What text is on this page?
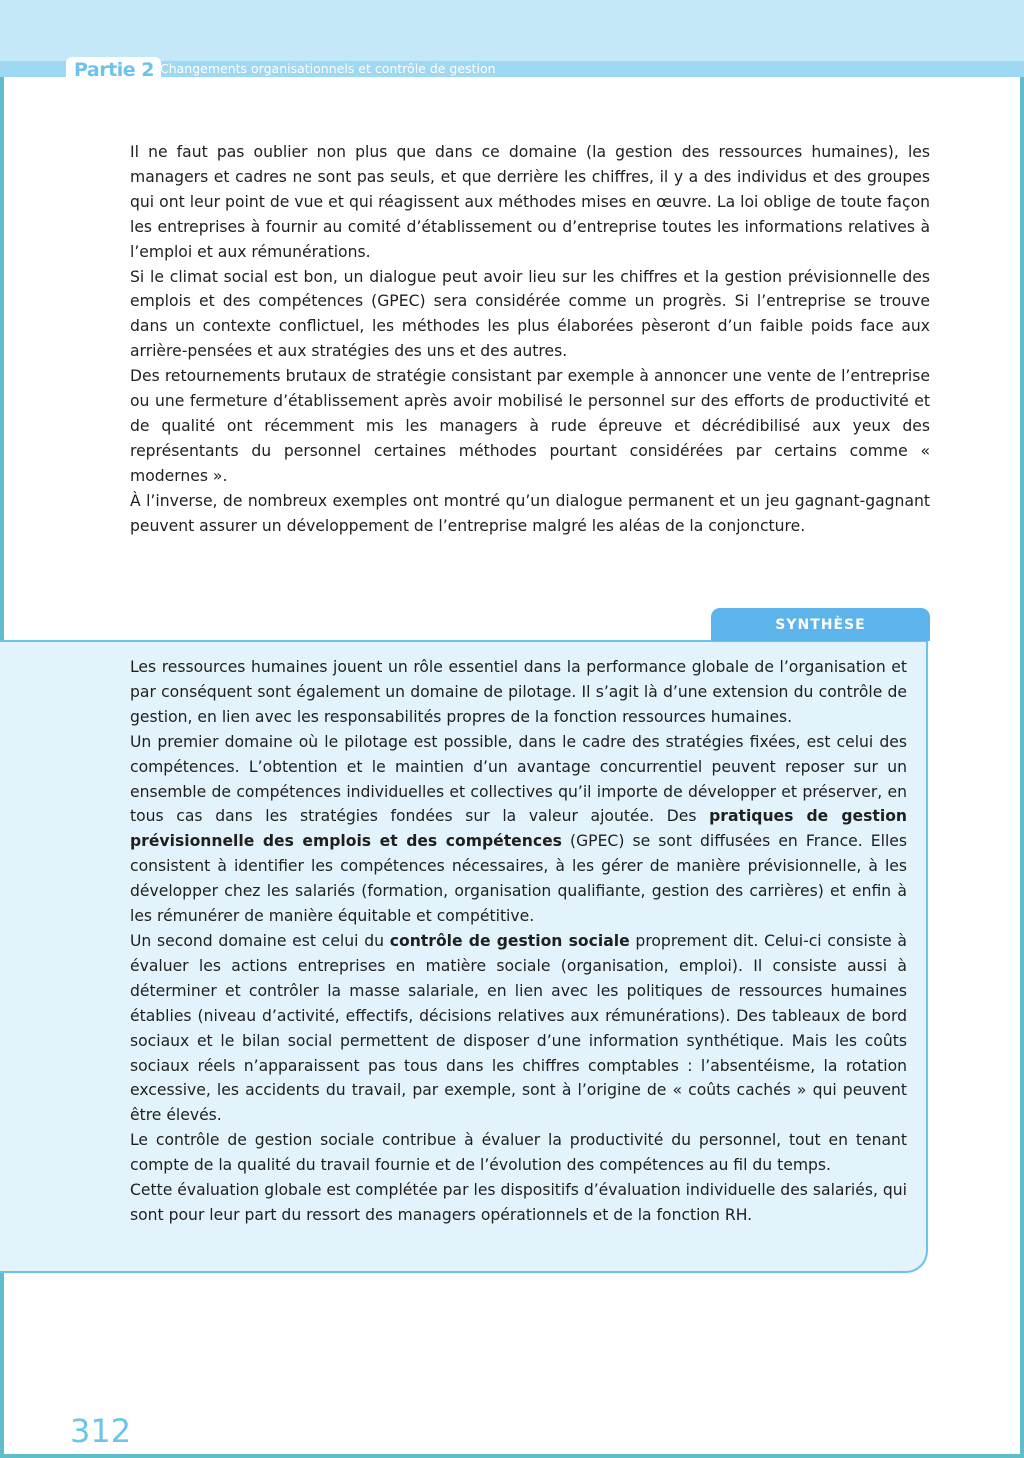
Partie 2 Changements organisationnels et contrôle de gestion

Il ne faut pas oublier non plus que dans ce domaine (la gestion des ressources humaines), les managers et cadres ne sont pas seuls, et que derrière les chiffres, il y a des individus et des groupes qui ont leur point de vue et qui réagissent aux méthodes mises en œuvre. La loi oblige de toute façon les entreprises à fournir au comité d’établissement ou d’entreprise toutes les informations relatives à l’emploi et aux rémunérations.

Si le climat social est bon, un dialogue peut avoir lieu sur les chiffres et la gestion prévisionnelle des emplois et des compétences (GPEC) sera considérée comme un progrès. Si l’entreprise se trouve dans un contexte conflictuel, les méthodes les plus élaborées pèseront d’un faible poids face aux arrière-pensées et aux stratégies des uns et des autres.

Des retournements brutaux de stratégie consistant par exemple à annoncer une vente de l’entreprise ou une fermeture d’établissement après avoir mobilisé le personnel sur des efforts de productivité et de qualité ont récemment mis les managers à rude épreuve et décrédibilisé aux yeux des représentants du personnel certaines méthodes pourtant considérées par certains comme « modernes ».

À l’inverse, de nombreux exemples ont montré qu’un dialogue permanent et un jeu gagnant-gagnant peuvent assurer un développement de l’entreprise malgré les aléas de la conjoncture.

SYNTHÈSE

Les ressources humaines jouent un rôle essentiel dans la performance globale de l’organisation et par conséquent sont également un domaine de pilotage. Il s’agit là d’une extension du contrôle de gestion, en lien avec les responsabilités propres de la fonction ressources humaines.

Un premier domaine où le pilotage est possible, dans le cadre des stratégies fixées, est celui des compétences. L’obtention et le maintien d’un avantage concurrentiel peuvent reposer sur un ensemble de compétences individuelles et collectives qu’il importe de développer et préserver, en tous cas dans les stratégies fondées sur la valeur ajoutée. Des pratiques de gestion prévisionnelle des emplois et des compétences (GPEC) se sont diffusées en France. Elles consistent à identifier les compétences nécessaires, à les gérer de manière prévisionnelle, à les développer chez les salariés (formation, organisation qualifiante, gestion des carrières) et enfin à les rémunérer de manière équitable et compétitive.

Un second domaine est celui du contrôle de gestion sociale proprement dit. Celui-ci consiste à évaluer les actions entreprises en matière sociale (organisation, emploi). Il consiste aussi à déterminer et contrôler la masse salariale, en lien avec les politiques de ressources humaines établies (niveau d’activité, effectifs, décisions relatives aux rémunérations). Des tableaux de bord sociaux et le bilan social permettent de disposer d’une information synthétique. Mais les coûts sociaux réels n’apparaissent pas tous dans les chiffres comptables : l’absentéisme, la rotation excessive, les accidents du travail, par exemple, sont à l’origine de « coûts cachés » qui peuvent être élevés.

Le contrôle de gestion sociale contribue à évaluer la productivité du personnel, tout en tenant compte de la qualité du travail fournie et de l’évolution des compétences au fil du temps.

Cette évaluation globale est complétée par les dispositifs d’évaluation individuelle des salariés, qui sont pour leur part du ressort des managers opérationnels et de la fonction RH.

312
